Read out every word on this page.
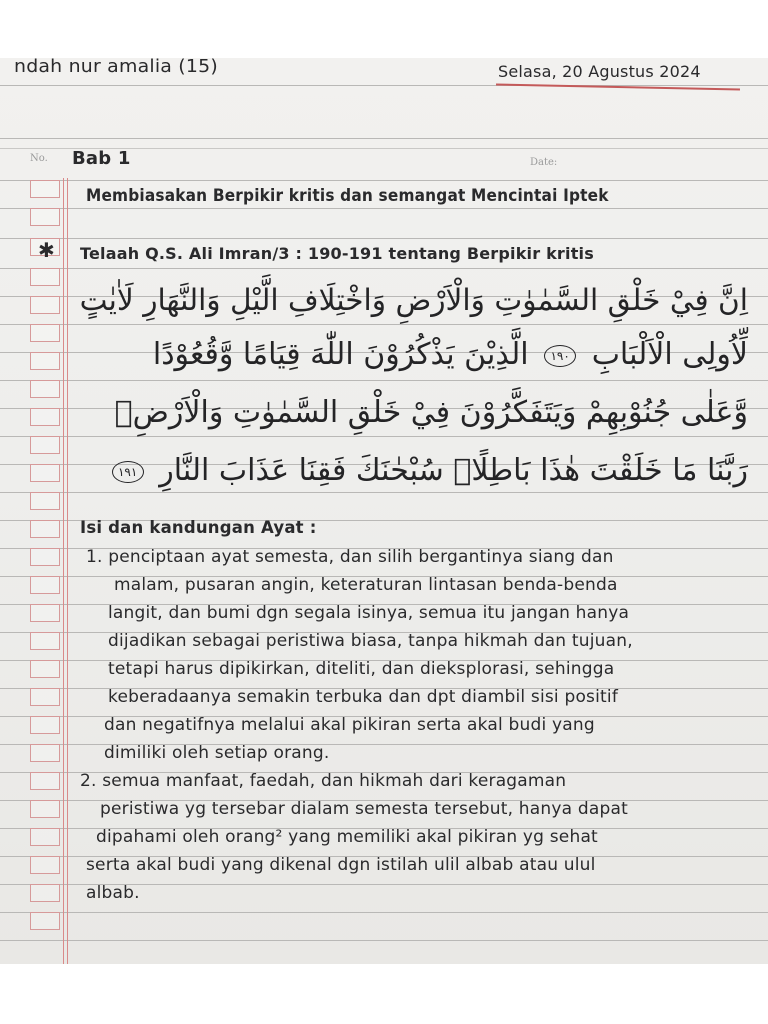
ndah nur amalia (15)	Selasa, 20 Agustus 2024
No.	Date:
Bab 1
Membiasakan Berpikir kritis dan semangat Mencintai Iptek
✱ Telaah Q.S. Ali Imran/3 : 190-191 tentang Berpikir kritis
اِنَّ فِيْ خَلْقِ السَّمٰوٰتِ وَالْاَرْضِ وَاخْتِلَافِ الَّيْلِ وَالنَّهَارِ لَاٰيٰتٍ
لِّاُولِى الْاَلْبَابِ ١٩٠ الَّذِيْنَ يَذْكُرُوْنَ اللّٰهَ قِيَامًا وَّقُعُوْدًا
وَّعَلٰى جُنُوْبِهِمْ وَيَتَفَكَّرُوْنَ فِيْ خَلْقِ السَّمٰوٰتِ وَالْاَرْضِۚ
رَبَّنَا مَا خَلَقْتَ هٰذَا بَاطِلًاۚ سُبْحٰنَكَ فَقِنَا عَذَابَ النَّارِ ١٩١
Isi dan kandungan Ayat :
1. penciptaan ayat semesta, dan silih bergantinya siang dan
malam, pusaran angin, keteraturan lintasan benda-benda
langit, dan bumi dgn segala isinya, semua itu jangan hanya
dijadikan sebagai peristiwa biasa, tanpa hikmah dan tujuan,
tetapi harus dipikirkan, diteliti, dan dieksplorasi, sehingga
keberadaanya semakin terbuka dan dpt diambil sisi positif
dan negatifnya melalui akal pikiran serta akal budi yang
dimiliki oleh setiap orang.
2. semua manfaat, faedah, dan hikmah dari keragaman
peristiwa yg tersebar dialam semesta tersebut, hanya dapat
dipahami oleh orang² yang memiliki akal pikiran yg sehat
serta akal budi yang dikenal dgn istilah ulil albab atau ulul
albab.
